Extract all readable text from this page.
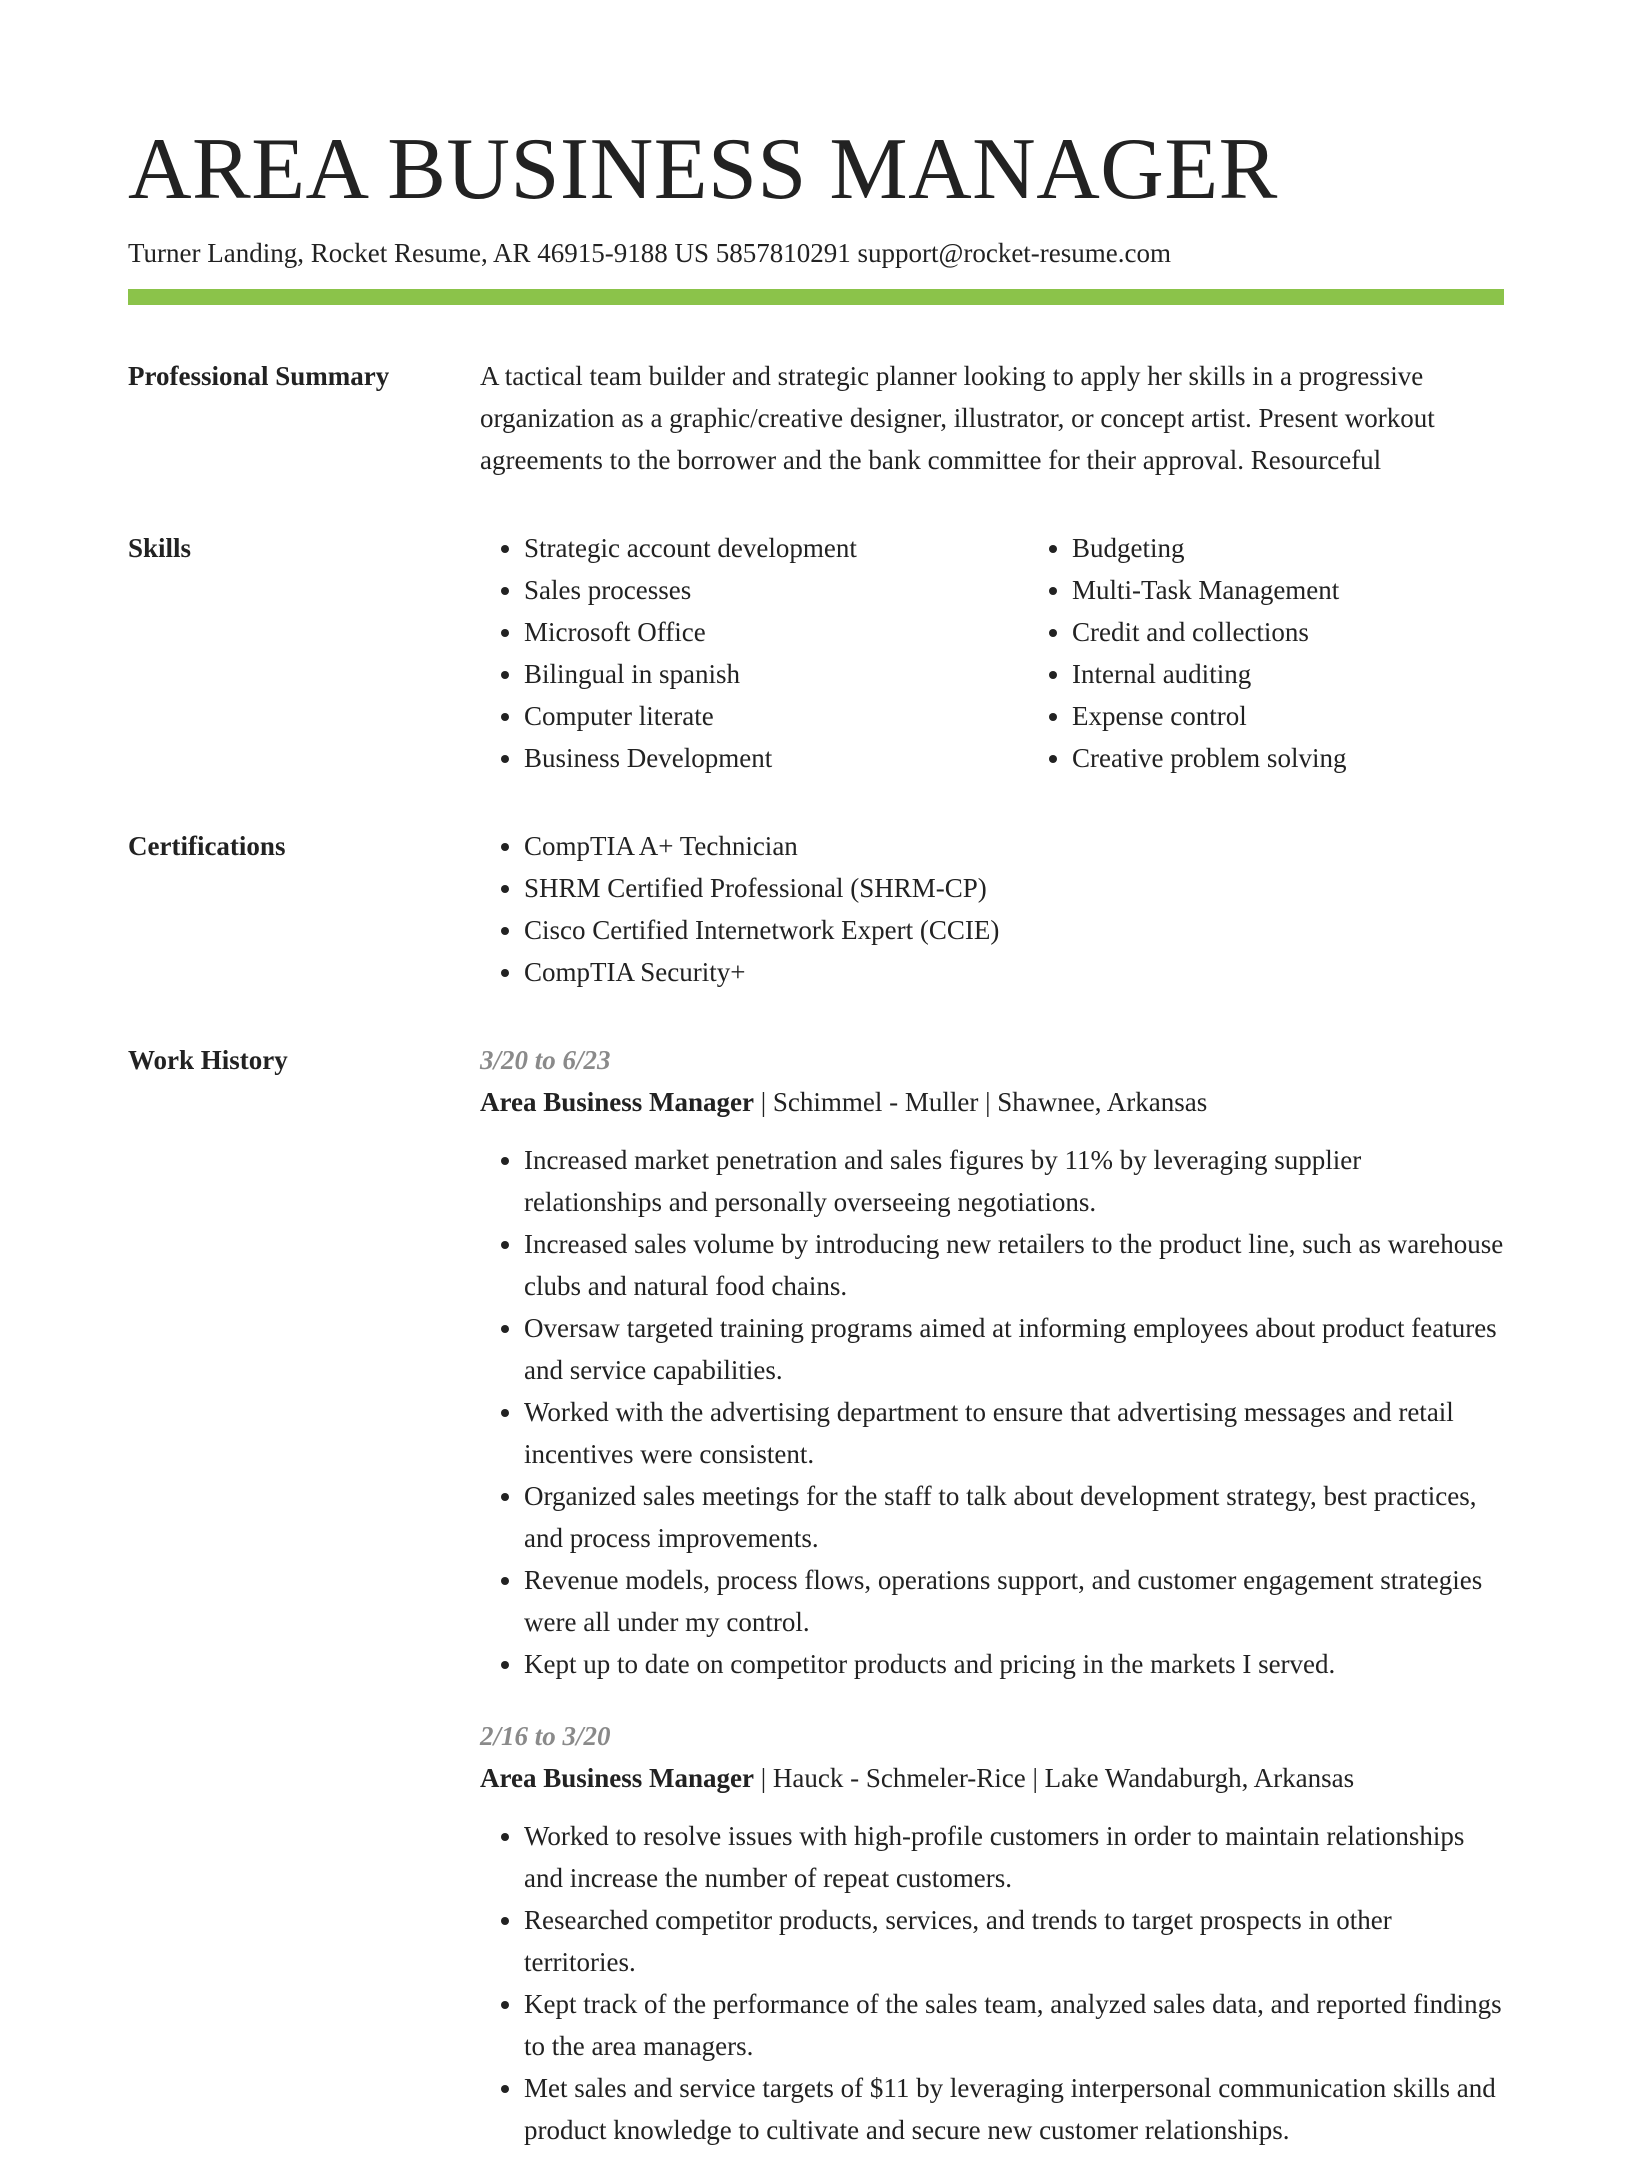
AREA BUSINESS MANAGER
Turner Landing, Rocket Resume, AR 46915-9188 US 5857810291 support@rocket-resume.com
Professional Summary	A tactical team builder and strategic planner looking to apply her skills in a progressive organization as a graphic/creative designer, illustrator, or concept artist. Present workout agreements to the borrower and the bank committee for their approval. Resourceful

Skills	• Strategic account development
• Sales processes
• Microsoft Office
• Bilingual in spanish
• Computer literate
• Business Development
• Budgeting
• Multi-Task Management
• Credit and collections
• Internal auditing
• Expense control
• Creative problem solving
Certifications	• CompTIA A+ Technician
• SHRM Certified Professional (SHRM-CP)
• Cisco Certified Internetwork Expert (CCIE)
• CompTIA Security+
Work History	3/20 to 6/23
Area Business Manager | Schimmel - Muller | Shawnee, Arkansas
• Increased market penetration and sales figures by 11% by leveraging supplier relationships and personally overseeing negotiations.
• Increased sales volume by introducing new retailers to the product line, such as warehouse clubs and natural food chains.
• Oversaw targeted training programs aimed at informing employees about product features and service capabilities.
• Worked with the advertising department to ensure that advertising messages and retail incentives were consistent.
• Organized sales meetings for the staff to talk about development strategy, best practices, and process improvements.
• Revenue models, process flows, operations support, and customer engagement strategies were all under my control.
• Kept up to date on competitor products and pricing in the markets I served.
2/16 to 3/20
Area Business Manager | Hauck - Schmeler-Rice | Lake Wandaburgh, Arkansas
• Worked to resolve issues with high-profile customers in order to maintain relationships and increase the number of repeat customers.
• Researched competitor products, services, and trends to target prospects in other territories.
• Kept track of the performance of the sales team, analyzed sales data, and reported findings to the area managers.
• Met sales and service targets of $11 by leveraging interpersonal communication skills and product knowledge to cultivate and secure new customer relationships.
